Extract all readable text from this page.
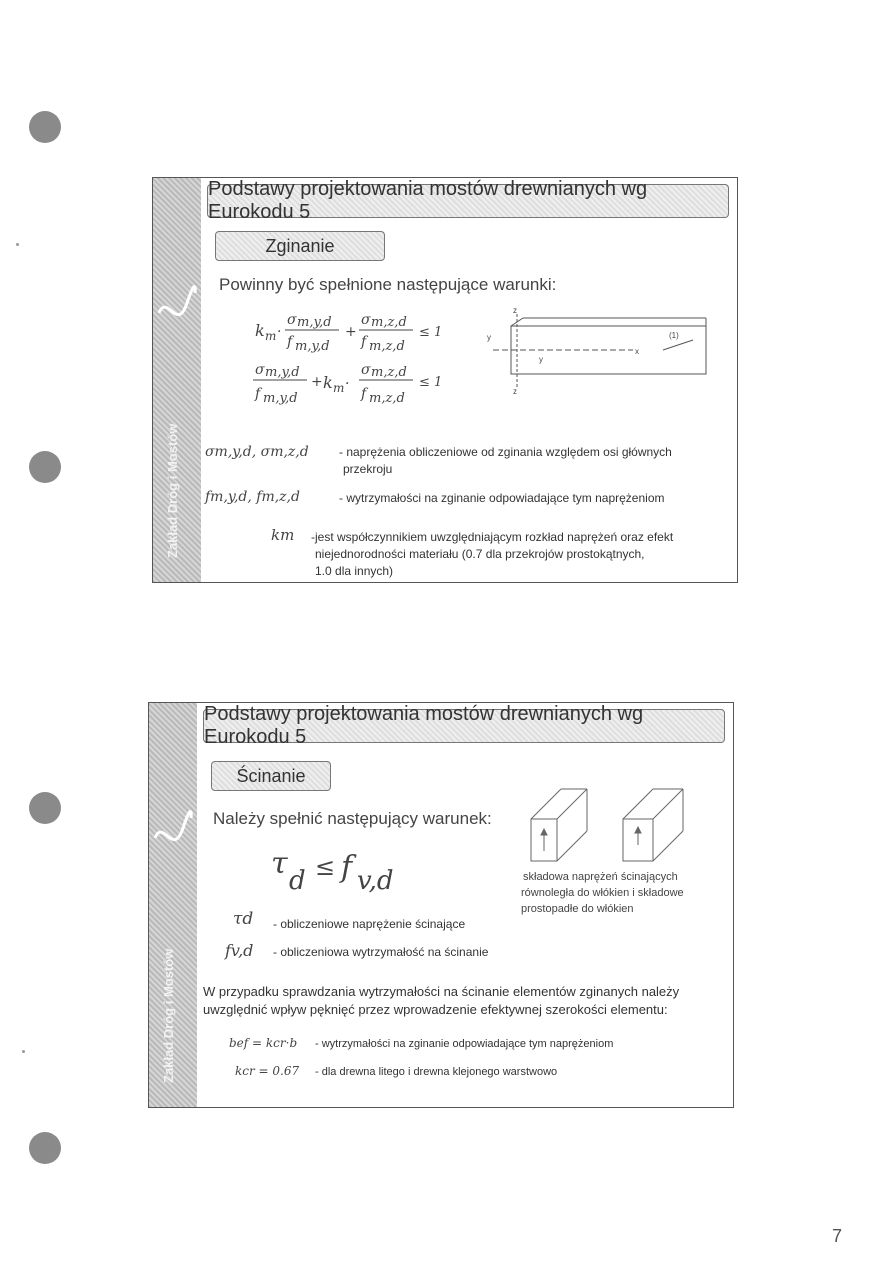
Zakład Dróg i Mostów
Podstawy projektowania mostów drewnianych wg Eurokodu 5
Zginanie
Powinny być spełnione następujące warunki:
k m ·
σ m,y,d
f m,y,d
+
σ m,z,d
f m,z,d
≤ 1
σ m,y,d
f m,y,d
+ k m ·
σ m,z,d
f m,z,d
≤ 1
z
y
x
y
z
(1)
σm,y,d, σm,z,d	- naprężenia obliczeniowe od zginania względem osi głównych
przekroju
fm,y,d, fm,z,d	- wytrzymałości na zginanie odpowiadające tym naprężeniom
km -jest współczynnikiem uwzględniającym rozkład naprężeń oraz efekt
niejednorodności materiału (0.7 dla przekrojów prostokątnych,
1.0 dla innych)
Zakład Dróg i Mostów
Podstawy projektowania mostów drewnianych wg Eurokodu 5
Ścinanie
Należy spełnić następujący warunek:
τ d ≤ f v,d	składowa naprężeń ścinających
równoległa do włókien i składowe
prostopadłe do włókien
τd - obliczeniowe naprężenie ścinające
fv,d - obliczeniowa wytrzymałość na ścinanie
W przypadku sprawdzania wytrzymałości na ścinanie elementów zginanych należy
uwzględnić wpływ pęknięć przez wprowadzenie efektywnej szerokości elementu:
bef = kcr·b - wytrzymałości na zginanie odpowiadające tym naprężeniom
kcr = 0.67 - dla drewna litego i drewna klejonego warstwowo
7
